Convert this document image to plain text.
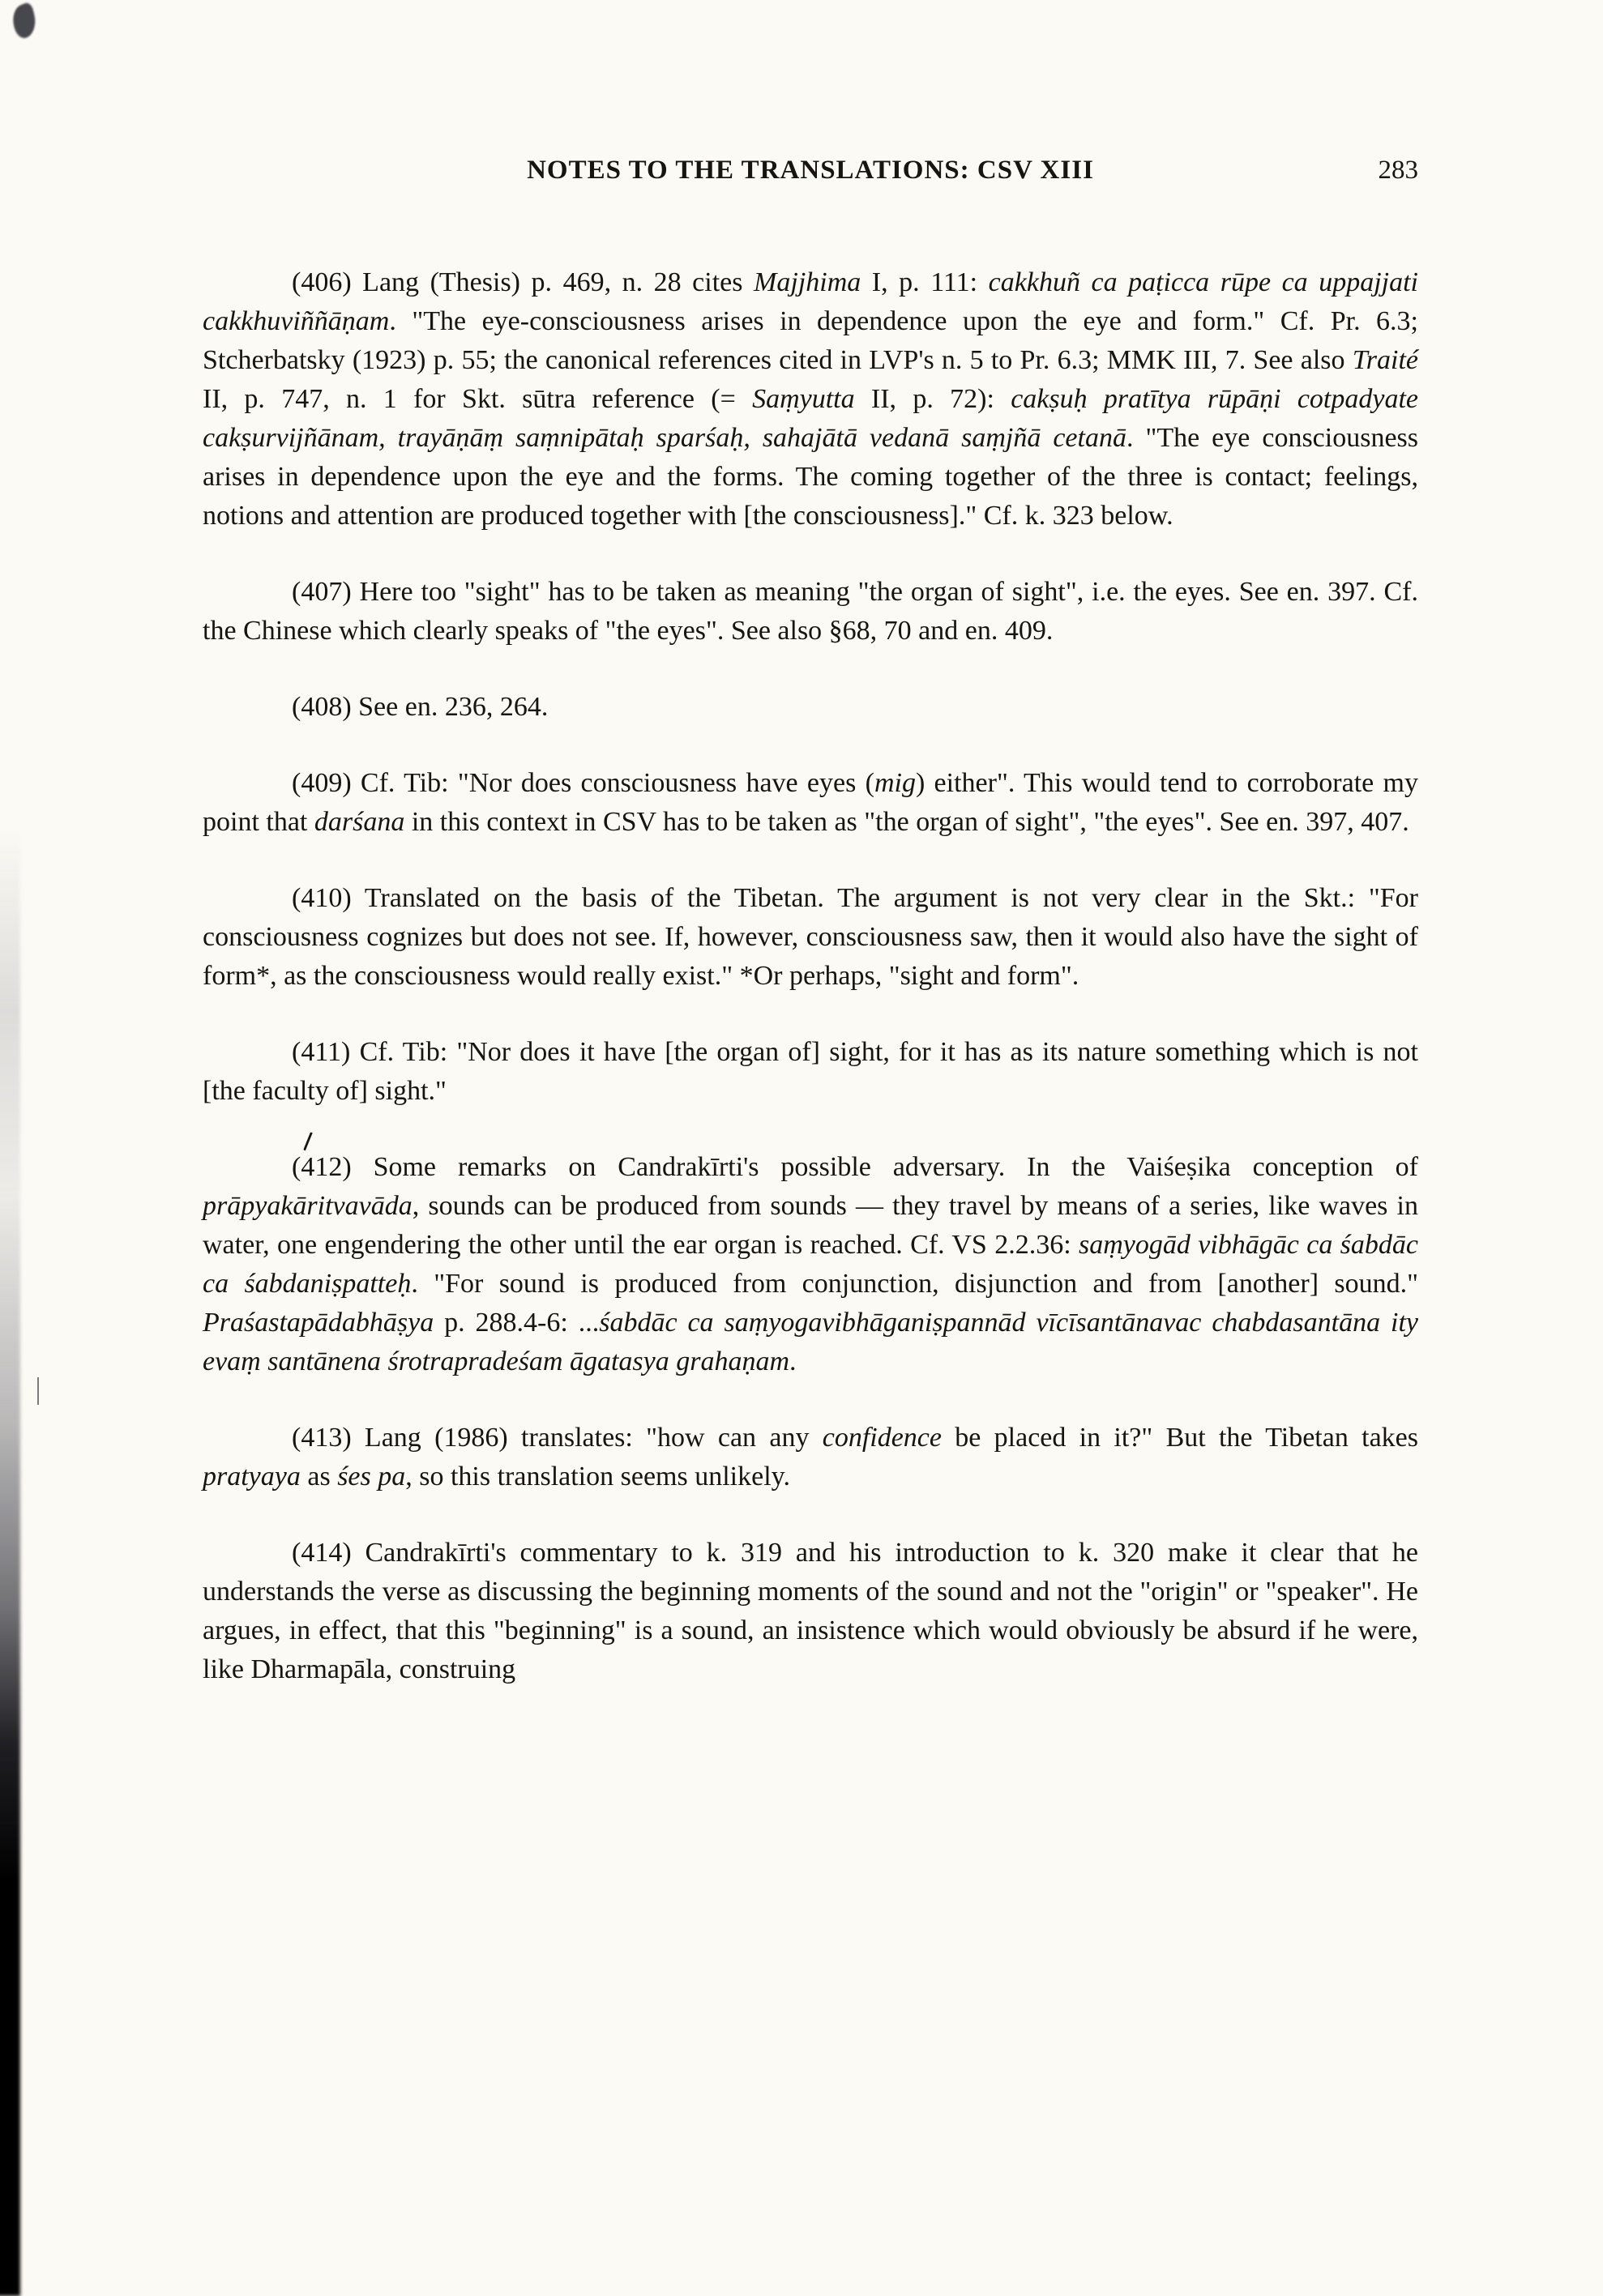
NOTES TO THE TRANSLATIONS: CSV XIII	283

(406) Lang (Thesis) p. 469, n. 28 cites Majjhima I, p. 111: cakkhuñ ca paṭicca rūpe ca uppajjati cakkhuviññāṇam. "The eye-consciousness arises in dependence upon the eye and form." Cf. Pr. 6.3; Stcherbatsky (1923) p. 55; the canonical references cited in LVP's n. 5 to Pr. 6.3; MMK III, 7. See also Traité II, p. 747, n. 1 for Skt. sūtra reference (= Saṃyutta II, p. 72): cakṣuḥ pratītya rūpāṇi cotpadyate cakṣurvijñānam, trayāṇāṃ saṃnipātaḥ sparśaḥ, sahajātā vedanā saṃjñā cetanā. "The eye consciousness arises in dependence upon the eye and the forms. The coming together of the three is contact; feelings, notions and attention are produced together with [the consciousness]." Cf. k. 323 below.

(407) Here too "sight" has to be taken as meaning "the organ of sight", i.e. the eyes. See en. 397. Cf. the Chinese which clearly speaks of "the eyes". See also §68, 70 and en. 409.

(408) See en. 236, 264.

(409) Cf. Tib: "Nor does consciousness have eyes (mig) either". This would tend to corroborate my point that darśana in this context in CSV has to be taken as "the organ of sight", "the eyes". See en. 397, 407.

(410) Translated on the basis of the Tibetan. The argument is not very clear in the Skt.: "For consciousness cognizes but does not see. If, however, consciousness saw, then it would also have the sight of form*, as the consciousness would really exist." *Or perhaps, "sight and form".

(411) Cf. Tib: "Nor does it have [the organ of] sight, for it has as its nature something which is not [the faculty of] sight."

(412) Some remarks on Candrakīrti's possible adversary. In the Vaiśeṣika conception of prāpyakāritvavāda, sounds can be produced from sounds — they travel by means of a series, like waves in water, one engendering the other until the ear organ is reached. Cf. VS 2.2.36: saṃyogād vibhāgāc ca śabdāc ca śabdaniṣpatteḥ. "For sound is produced from conjunction, disjunction and from [another] sound." Praśastapādabhāṣya p. 288.4-6: ...śabdāc ca saṃyogavibhāganiṣpannād vīcīsantānavac chabdasantāna ity evaṃ santānena śrotrapradeśam āgatasya grahaṇam.

(413) Lang (1986) translates: "how can any confidence be placed in it?" But the Tibetan takes pratyaya as śes pa, so this translation seems unlikely.

(414) Candrakīrti's commentary to k. 319 and his introduction to k. 320 make it clear that he understands the verse as discussing the beginning moments of the sound and not the "origin" or "speaker". He argues, in effect, that this "beginning" is a sound, an insistence which would obviously be absurd if he were, like Dharmapāla, construing
